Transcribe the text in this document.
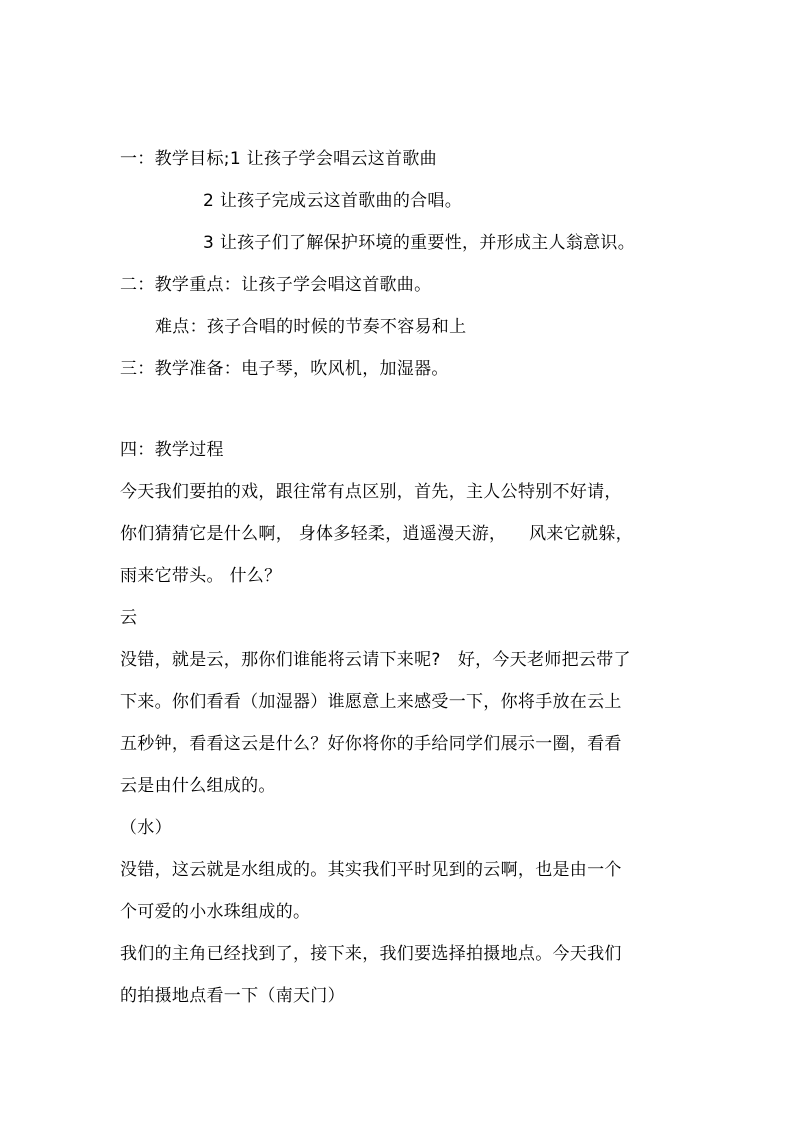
一：教学目标;1 让孩子学会唱云这首歌曲
2 让孩子完成云这首歌曲的合唱。
3 让孩子们了解保护环境的重要性，并形成主人翁意识。
二：教学重点：让孩子学会唱这首歌曲。
难点：孩子合唱的时候的节奏不容易和上
三：教学准备：电子琴，吹风机，加湿器。
四：教学过程
今天我们要拍的戏，跟往常有点区别，首先，主人公特别不好请，
你们猜猜它是什么啊， 身体多轻柔，逍遥漫天游，    风来它就躲，
雨来它带头。 什么？
云
没错，就是云，那你们谁能将云请下来呢?   好，今天老师把云带了
下来。你们看看（加湿器）谁愿意上来感受一下，你将手放在云上
五秒钟，看看这云是什么？好你将你的手给同学们展示一圈，看看
云是由什么组成的。
（水）
没错，这云就是水组成的。其实我们平时见到的云啊，也是由一个
个可爱的小水珠组成的。
我们的主角已经找到了，接下来，我们要选择拍摄地点。今天我们
的拍摄地点看一下（南天门）
